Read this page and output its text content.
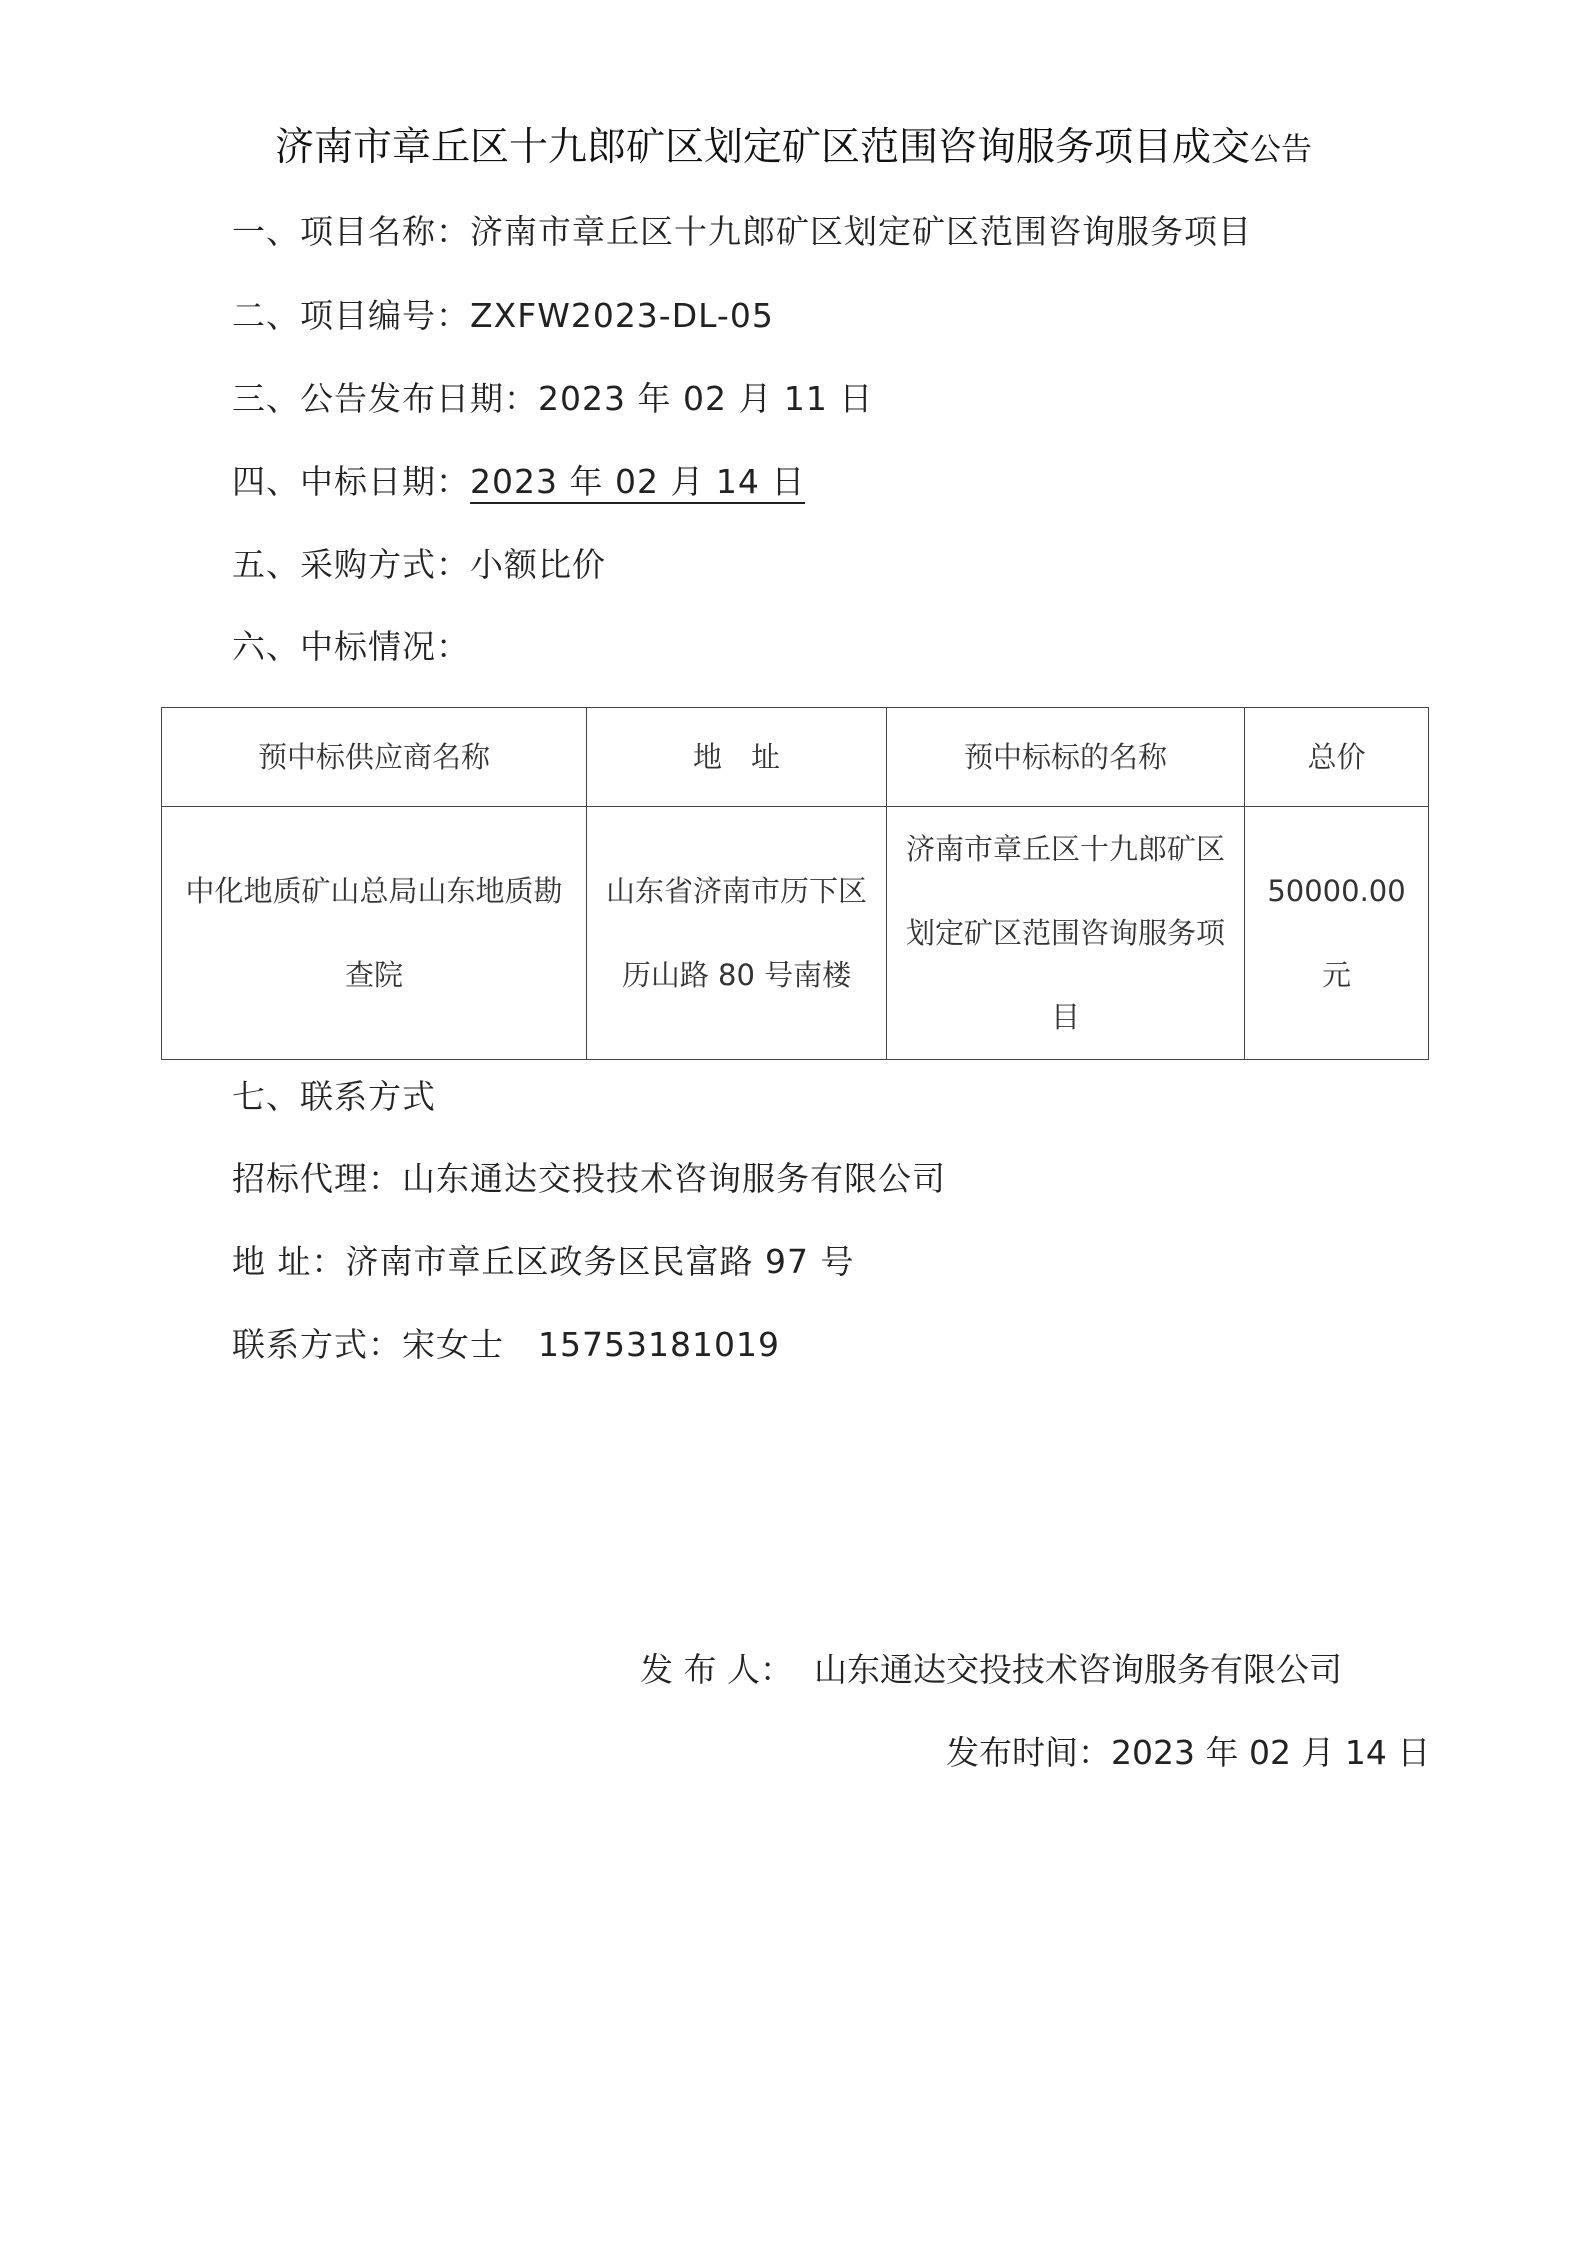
济南市章丘区十九郎矿区划定矿区范围咨询服务项目成交公告
一、项目名称：济南市章丘区十九郎矿区划定矿区范围咨询服务项目
二、项目编号：ZXFW2023-DL-05
三、公告发布日期：2023 年 02 月 11 日
四、中标日期：2023 年 02 月 14 日
五、采购方式：小额比价
六、中标情况：
预中标供应商名称	地　址	预中标标的名称	总价
中化地质矿山总局山东地质勘查院	山东省济南市历下区历山路 80 号南楼	济南市章丘区十九郎矿区划定矿区范围咨询服务项目	50000.00 元
七、联系方式
招标代理：山东通达交投技术咨询服务有限公司
地 址：济南市章丘区政务区民富路 97 号
联系方式：宋女士　15753181019
发 布 人： 山东通达交投技术咨询服务有限公司
发布时间：2023 年 02 月 14 日
